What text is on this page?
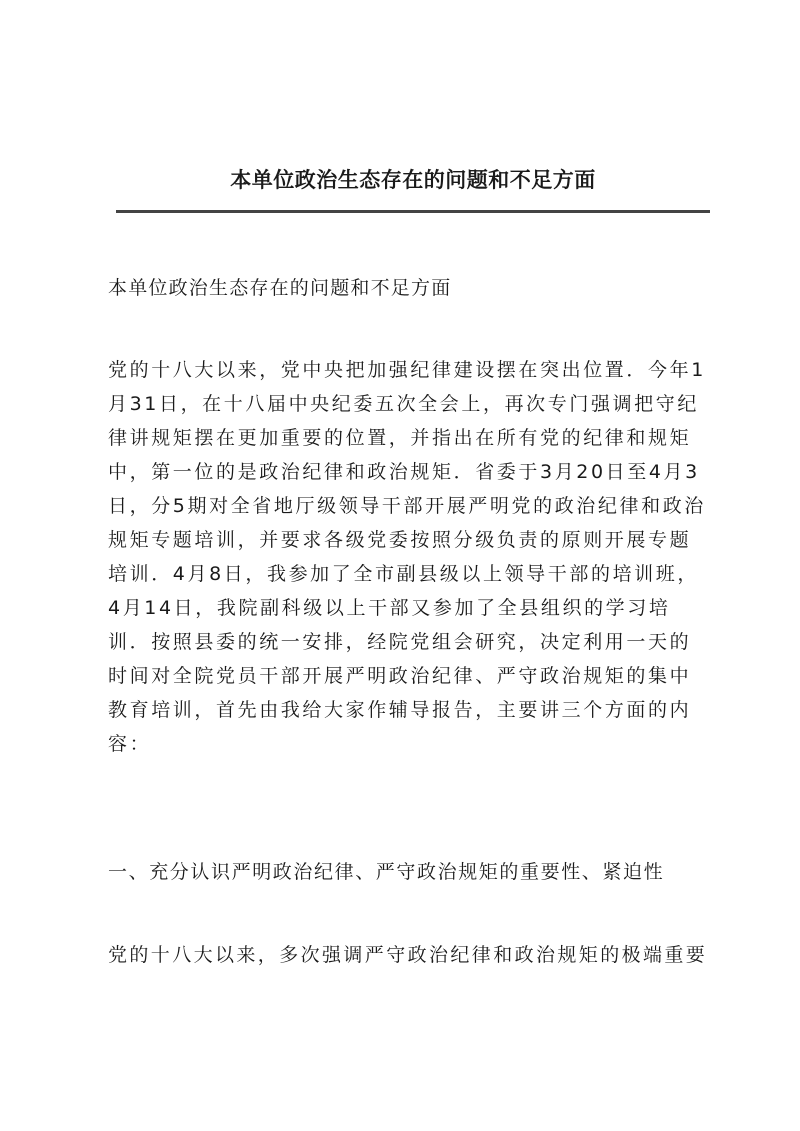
本单位政治生态存在的问题和不足方面
本单位政治生态存在的问题和不足方面

党的十八大以来，党中央把加强纪律建设摆在突出位置．今年1月31日，在十八届中央纪委五次全会上，再次专门强调把守纪律讲规矩摆在更加重要的位置，并指出在所有党的纪律和规矩中，第一位的是政治纪律和政治规矩．省委于3月20日至4月3日，分5期对全省地厅级领导干部开展严明党的政治纪律和政治规矩专题培训，并要求各级党委按照分级负责的原则开展专题培训．4月8日，我参加了全市副县级以上领导干部的培训班，4月14日，我院副科级以上干部又参加了全县组织的学习培训．按照县委的统一安排，经院党组会研究，决定利用一天的时间对全院党员干部开展严明政治纪律、严守政治规矩的集中教育培训，首先由我给大家作辅导报告，主要讲三个方面的内容：

一、充分认识严明政治纪律、严守政治规矩的重要性、紧迫性
党的十八大以来，多次强调严守政治纪律和政治规矩的极端重要
